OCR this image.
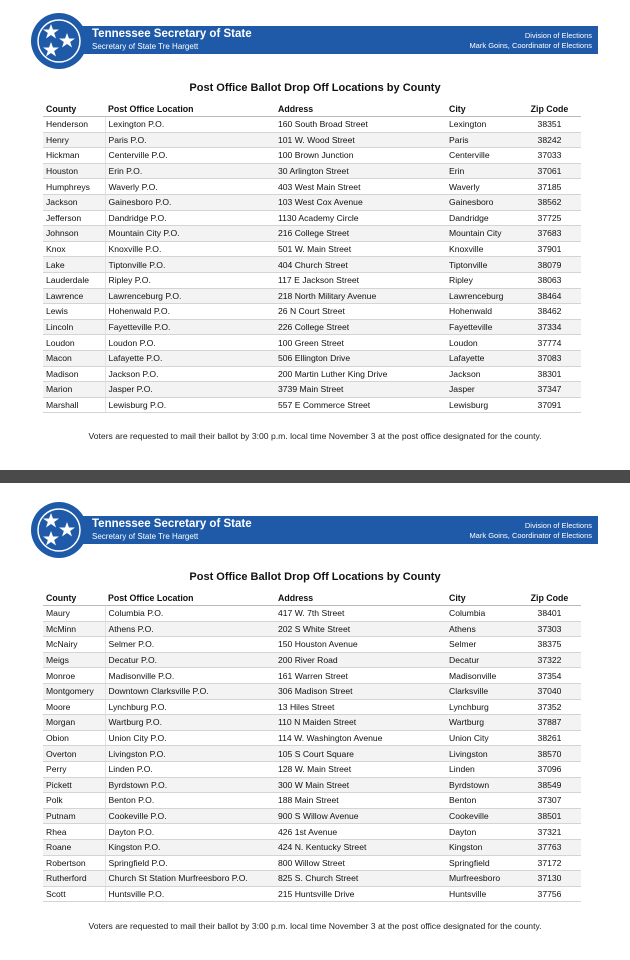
Tennessee Secretary of State
Secretary of State Tre Hargett
Division of Elections
Mark Goins, Coordinator of Elections
Post Office Ballot Drop Off Locations by County
County	Post Office Location	Address	City	Zip Code
Henderson	Lexington P.O.	160 South Broad Street	Lexington	38351
Henry	Paris P.O.	101 W. Wood Street	Paris	38242
Hickman	Centerville P.O.	100 Brown Junction	Centerville	37033
Houston	Erin P.O.	30 Arlington Street	Erin	37061
Humphreys	Waverly P.O.	403 West Main Street	Waverly	37185
Jackson	Gainesboro P.O.	103 West Cox Avenue	Gainesboro	38562
Jefferson	Dandridge P.O.	1130 Academy Circle	Dandridge	37725
Johnson	Mountain City P.O.	216 College Street	Mountain City	37683
Knox	Knoxville P.O.	501 W. Main Street	Knoxville	37901
Lake	Tiptonville P.O.	404 Church Street	Tiptonville	38079
Lauderdale	Ripley P.O.	117 E Jackson Street	Ripley	38063
Lawrence	Lawrenceburg P.O.	218 North Military Avenue	Lawrenceburg	38464
Lewis	Hohenwald P.O.	26 N Court Street	Hohenwald	38462
Lincoln	Fayetteville P.O.	226 College Street	Fayetteville	37334
Loudon	Loudon P.O.	100 Green Street	Loudon	37774
Macon	Lafayette P.O.	506 Ellington Drive	Lafayette	37083
Madison	Jackson P.O.	200 Martin Luther King Drive	Jackson	38301
Marion	Jasper P.O.	3739 Main Street	Jasper	37347
Marshall	Lewisburg P.O.	557 E Commerce Street	Lewisburg	37091
Voters are requested to mail their ballot by 3:00 p.m. local time November 3 at the post office designated for the county.
Tennessee Secretary of State
Secretary of State Tre Hargett
Division of Elections
Mark Goins, Coordinator of Elections
Post Office Ballot Drop Off Locations by County
County	Post Office Location	Address	City	Zip Code
Maury	Columbia P.O.	417 W. 7th Street	Columbia	38401
McMinn	Athens P.O.	202 S White Street	Athens	37303
McNairy	Selmer P.O.	150 Houston Avenue	Selmer	38375
Meigs	Decatur P.O.	200 River Road	Decatur	37322
Monroe	Madisonville P.O.	161 Warren Street	Madisonville	37354
Montgomery	Downtown Clarksville P.O.	306 Madison Street	Clarksville	37040
Moore	Lynchburg P.O.	13 Hiles Street	Lynchburg	37352
Morgan	Wartburg P.O.	110 N Maiden Street	Wartburg	37887
Obion	Union City P.O.	114 W. Washington Avenue	Union City	38261
Overton	Livingston P.O.	105 S Court Square	Livingston	38570
Perry	Linden P.O.	128 W. Main Street	Linden	37096
Pickett	Byrdstown P.O.	300 W Main Street	Byrdstown	38549
Polk	Benton P.O.	188 Main Street	Benton	37307
Putnam	Cookeville P.O.	900 S Willow Avenue	Cookeville	38501
Rhea	Dayton P.O.	426 1st Avenue	Dayton	37321
Roane	Kingston P.O.	424 N. Kentucky Street	Kingston	37763
Robertson	Springfield P.O.	800 Willow Street	Springfield	37172
Rutherford	Church St Station Murfreesboro P.O.	825 S. Church Street	Murfreesboro	37130
Scott	Huntsville P.O.	215 Huntsville Drive	Huntsville	37756
Voters are requested to mail their ballot by 3:00 p.m. local time November 3 at the post office designated for the county.
